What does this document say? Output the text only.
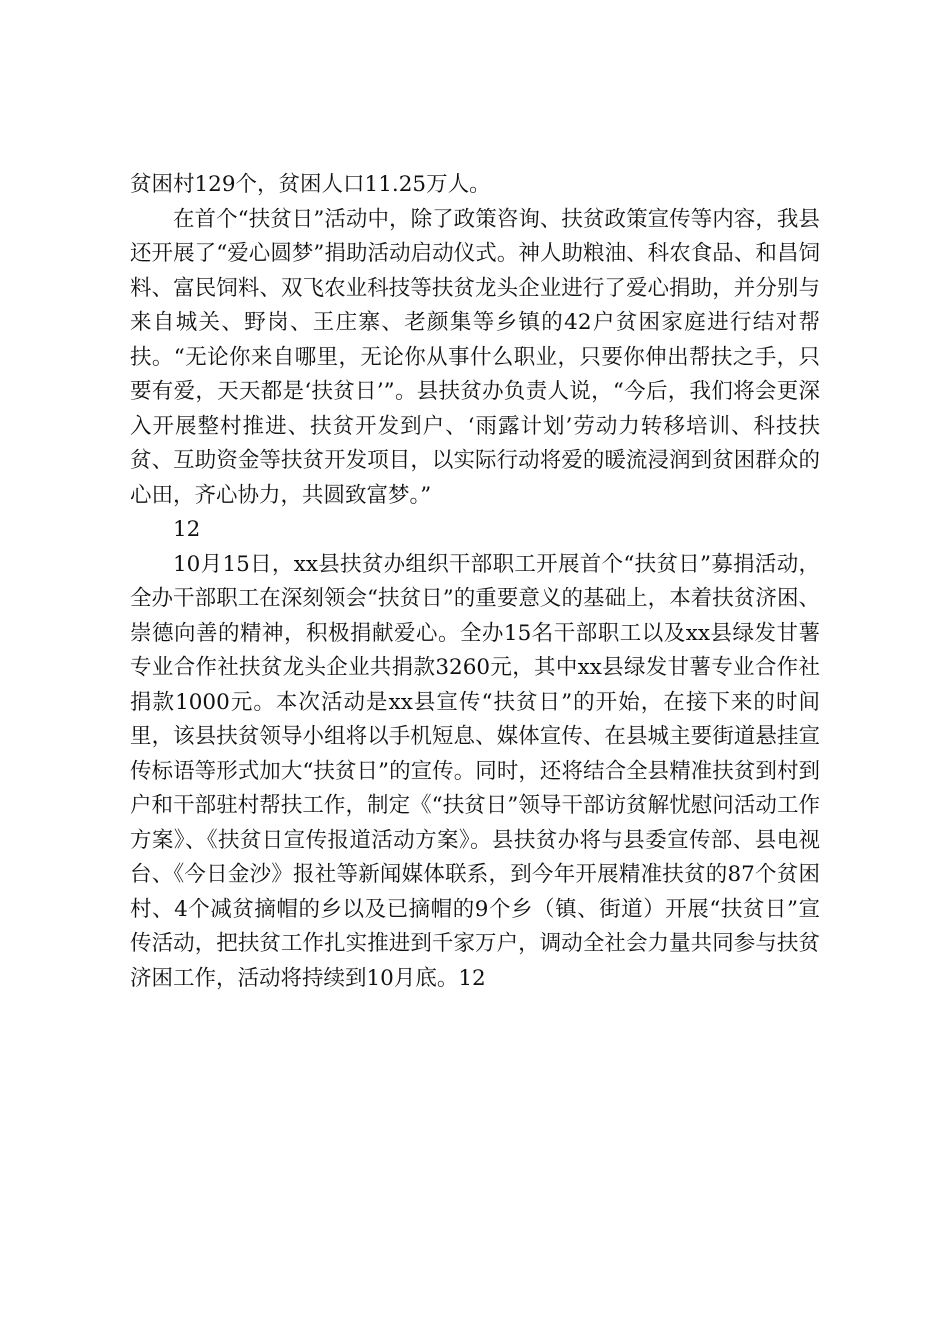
贫困村129个，贫困人口11.25万人。

在首个“扶贫日”活动中，除了政策咨询、扶贫政策宣传等内容，我县还开展了“爱心圆梦”捐助活动启动仪式。神人助粮油、科农食品、和昌饲料、富民饲料、双飞农业科技等扶贫龙头企业进行了爱心捐助，并分别与来自城关、野岗、王庄寨、老颜集等乡镇的42户贫困家庭进行结对帮扶。“无论你来自哪里，无论你从事什么职业，只要你伸出帮扶之手，只要有爱，天天都是‘扶贫日’”。县扶贫办负责人说，“今后，我们将会更深入开展整村推进、扶贫开发到户、‘雨露计划’劳动力转移培训、科技扶贫、互助资金等扶贫开发项目，以实际行动将爱的暖流浸润到贫困群众的心田，齐心协力，共圆致富梦。”

12

10月15日，xx县扶贫办组织干部职工开展首个“扶贫日”募捐活动，全办干部职工在深刻领会“扶贫日”的重要意义的基础上，本着扶贫济困、崇德向善的精神，积极捐献爱心。全办15名干部职工以及xx县绿发甘薯专业合作社扶贫龙头企业共捐款3260元，其中xx县绿发甘薯专业合作社捐款1000元。本次活动是xx县宣传“扶贫日”的开始，在接下来的时间里，该县扶贫领导小组将以手机短息、媒体宣传、在县城主要街道悬挂宣传标语等形式加大“扶贫日”的宣传。同时，还将结合全县精准扶贫到村到户和干部驻村帮扶工作，制定《“扶贫日”领导干部访贫解忧慰问活动工作方案》、《扶贫日宣传报道活动方案》。县扶贫办将与县委宣传部、县电视台、《今日金沙》报社等新闻媒体联系，到今年开展精准扶贫的87个贫困村、4个减贫摘帽的乡以及已摘帽的9个乡（镇、街道）开展“扶贫日”宣传活动，把扶贫工作扎实推进到千家万户，调动全社会力量共同参与扶贫济困工作，活动将持续到10月底。12
